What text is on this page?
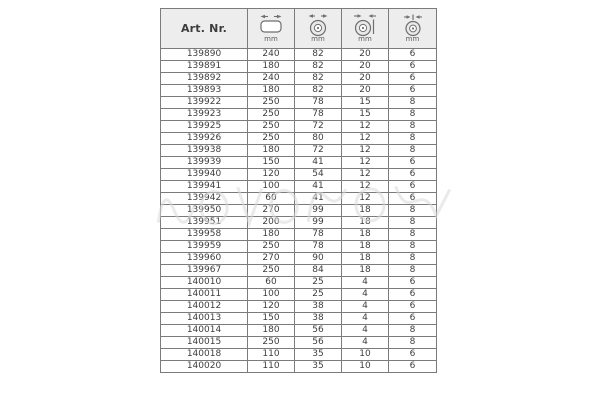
Art. Nr.	mm	mm	mm	mm

139890	240	82	20	6
139891	180	82	20	6
139892	240	82	20	6
139893	180	82	20	6
139922	250	78	15	8
139923	250	78	15	8
139925	250	72	12	8
139926	250	80	12	8
139938	180	72	12	8
139939	150	41	12	6
139940	120	54	12	6
139941	100	41	12	6
139942	60	41	12	6
139950	270	99	18	8
139951	200	99	18	8
139958	180	78	18	8
139959	250	78	18	8
139960	270	90	18	8
139967	250	84	18	8
140010	60	25	4	6
140011	100	25	4	6
140012	120	38	4	6
140013	150	38	4	6
140014	180	56	4	8
140015	250	56	4	8
140018	110	35	10	6
140020	110	35	10	6
